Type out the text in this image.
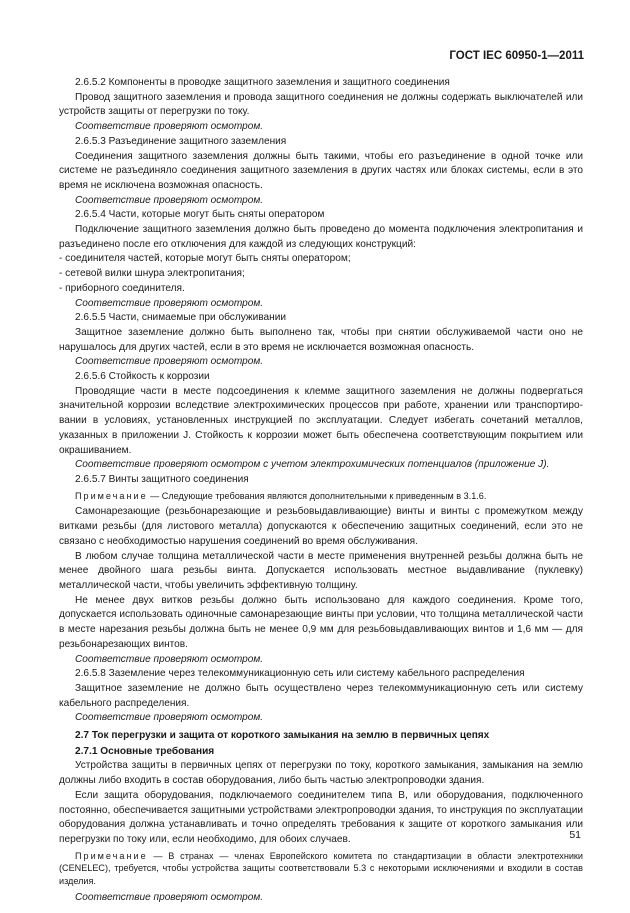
ГОСТ IEC 60950-1—2011

2.6.5.2 Компоненты в проводке защитного заземления и защитного соединения

Провод защитного заземления и провода защитного соединения не должны содержать выключателей или устройств защиты от перегрузки по току.

Соответствие проверяют осмотром.

2.6.5.3 Разъединение защитного заземления

Соединения защитного заземления должны быть такими, чтобы его разъединение в одной точке или системе не разъединяло соединения защитного заземления в других частях или блоках системы, если в это время не исключена возможная опасность.

Соответствие проверяют осмотром.

2.6.5.4 Части, которые могут быть сняты оператором

Подключение защитного заземления должно быть проведено до момента подключения электропитания и разъединено после его отключения для каждой из следующих конструкций:

- соединителя частей, которые могут быть сняты оператором;

- сетевой вилки шнура электропитания;

- приборного соединителя.

Соответствие проверяют осмотром.

2.6.5.5 Части, снимаемые при обслуживании

Защитное заземление должно быть выполнено так, чтобы при снятии обслуживаемой части оно не нарушалось для других частей, если в это время не исключается возможная опасность.

Соответствие проверяют осмотром.

2.6.5.6 Стойкость к коррозии

Проводящие части в месте подсоединения к клемме защитного заземления не должны подвергаться значительной коррозии вследствие электрохимических процессов при работе, хранении или транспортировании в условиях, установленных инструкцией по эксплуатации. Следует избегать сочетаний металлов, указанных в приложении J. Стойкость к коррозии может быть обеспечена соответствующим покрытием или окрашиванием.

Соответствие проверяют осмотром с учетом электрохимических потенциалов (приложение J).

2.6.5.7 Винты защитного соединения

Примечание — Следующие требования являются дополнительными к приведенным в 3.1.6.

Самонарезающие (резьбонарезающие и резьбовыдавливающие) винты и винты с промежутком между витками резьбы (для листового металла) допускаются к обеспечению защитных соединений, если это не связано с необходимостью нарушения соединений во время обслуживания.

В любом случае толщина металлической части в месте применения внутренней резьбы должна быть не менее двойного шага резьбы винта. Допускается использовать местное выдавливание (пуклевку) металлической части, чтобы увеличить эффективную толщину.

Не менее двух витков резьбы должно быть использовано для каждого соединения. Кроме того, допускается использовать одиночные самонарезающие винты при условии, что толщина металлической части в месте нарезания резьбы должна быть не менее 0,9 мм для резьбовыдавливающих винтов и 1,6 мм — для резьбонарезающих винтов.

Соответствие проверяют осмотром.

2.6.5.8 Заземление через телекоммуникационную сеть или систему кабельного распределения

Защитное заземление не должно быть осуществлено через телекоммуникационную сеть или систему кабельного распределения.

Соответствие проверяют осмотром.

2.7 Ток перегрузки и защита от короткого замыкания на землю в первичных цепях

2.7.1 Основные требования

Устройства защиты в первичных цепях от перегрузки по току, короткого замыкания, замыкания на землю должны либо входить в состав оборудования, либо быть частью электропроводки здания.

Если защита оборудования, подключаемого соединителем типа В, или оборудования, подключенного постоянно, обеспечивается защитными устройствами электропроводки здания, то инструкция по эксплуатации оборудования должна устанавливать и точно определять требования к защите от короткого замыкания или перегрузки по току или, если необходимо, для обоих случаев.

Примечание — В странах — членах Европейского комитета по стандартизации в области электротехники (CENELEC), требуется, чтобы устройства защиты соответствовали 5.3 с некоторыми исключениями и входили в состав изделия.

Соответствие проверяют осмотром.

51
